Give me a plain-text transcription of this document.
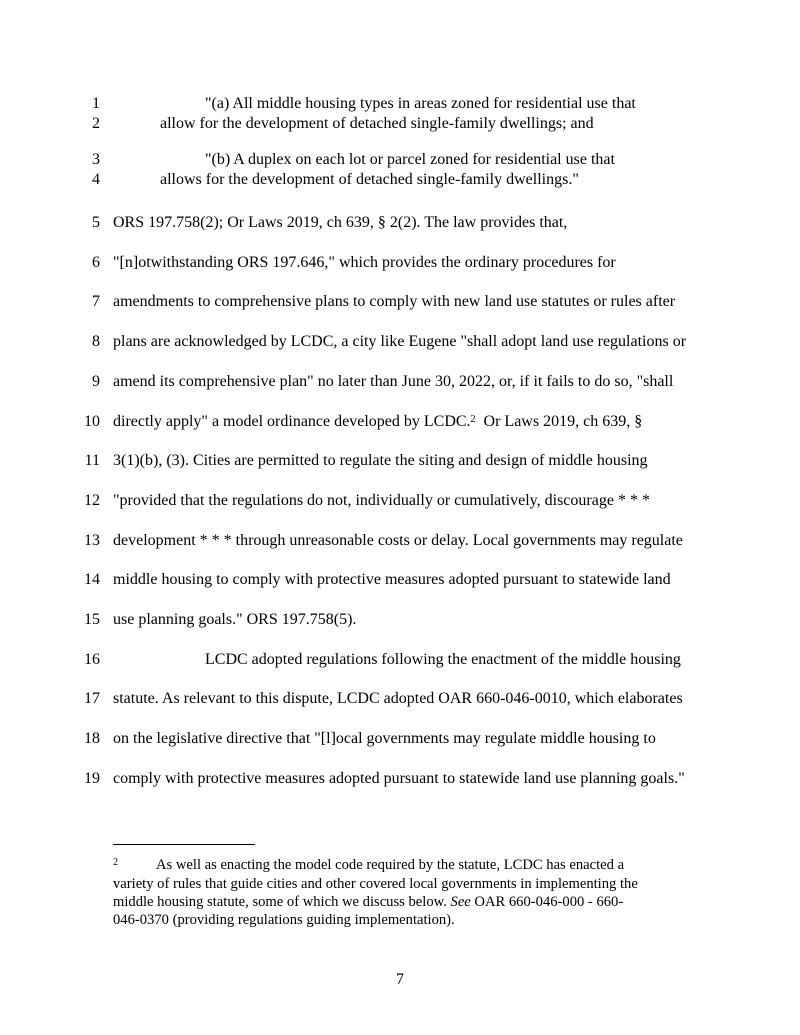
1	"(a) All middle housing types in areas zoned for residential use that
2	allow for the development of detached single-family dwellings; and
3	"(b) A duplex on each lot or parcel zoned for residential use that
4	allows for the development of detached single-family dwellings."
5 ORS 197.758(2); Or Laws 2019, ch 639, § 2(2). The law provides that,
6 "[n]otwithstanding ORS 197.646," which provides the ordinary procedures for
7 amendments to comprehensive plans to comply with new land use statutes or rules after
8 plans are acknowledged by LCDC, a city like Eugene "shall adopt land use regulations or
9 amend its comprehensive plan" no later than June 30, 2022, or, if it fails to do so, "shall
10 directly apply" a model ordinance developed by LCDC.$^2$  Or Laws 2019, ch 639, §
11 3(1)(b), (3). Cities are permitted to regulate the siting and design of middle housing
12 "provided that the regulations do not, individually or cumulatively, discourage * * *
13 development * * * through unreasonable costs or delay. Local governments may regulate
14 middle housing to comply with protective measures adopted pursuant to statewide land
15 use planning goals." ORS 197.758(5).
16	LCDC adopted regulations following the enactment of the middle housing
17 statute. As relevant to this dispute, LCDC adopted OAR 660-046-0010, which elaborates
18 on the legislative directive that "[l]ocal governments may regulate middle housing to
19 comply with protective measures adopted pursuant to statewide land use planning goals."
$^2$	As well as enacting the model code required by the statute, LCDC has enacted a
variety of rules that guide cities and other covered local governments in implementing the
middle housing statute, some of which we discuss below. See OAR 660-046-000 - 660-
046-0370 (providing regulations guiding implementation).
7
